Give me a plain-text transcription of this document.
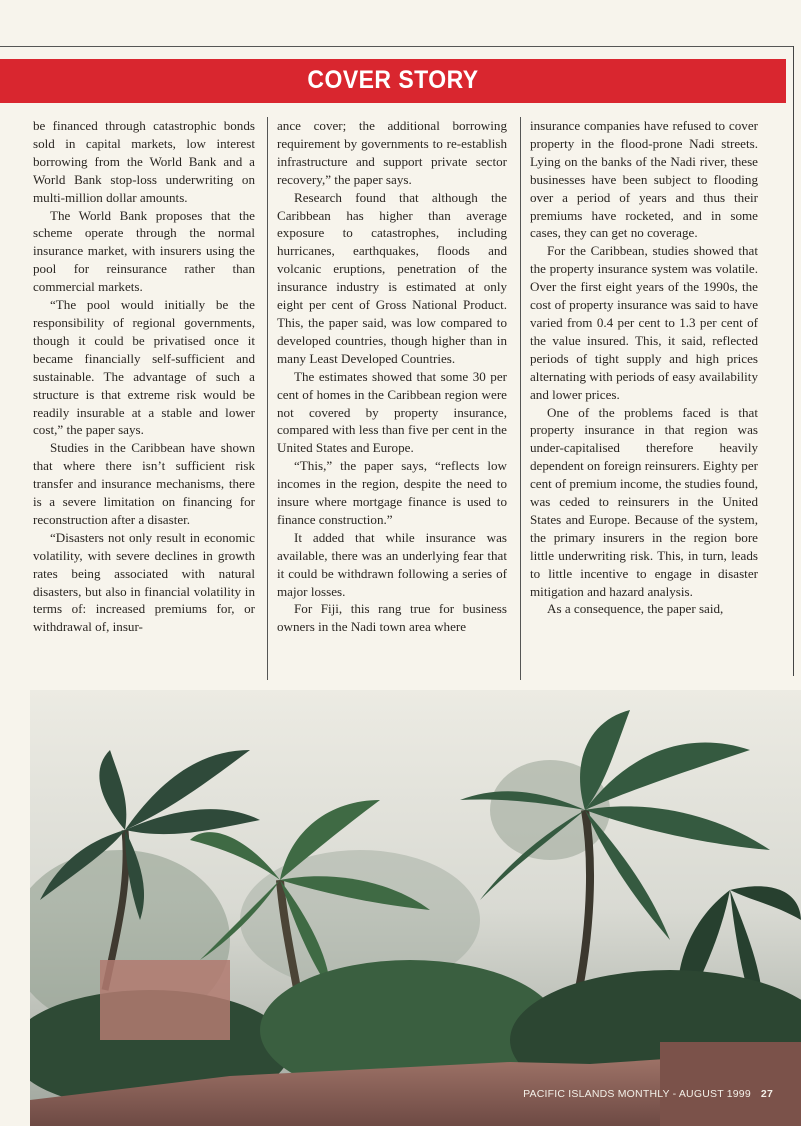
COVER STORY

be financed through catastrophic bonds sold in capital markets, low interest borrowing from the World Bank and a World Bank stop-loss underwriting on multi-million dollar amounts.

The World Bank proposes that the scheme operate through the normal insurance market, with insurers using the pool for reinsurance rather than commercial markets.

“The pool would initially be the responsibility of regional governments, though it could be privatised once it became financially self-sufficient and sustainable. The advantage of such a structure is that extreme risk would be readily insurable at a stable and lower cost,” the paper says.

Studies in the Caribbean have shown that where there isn’t sufficient risk transfer and insurance mechanisms, there is a severe limitation on financing for reconstruction after a disaster.

“Disasters not only result in economic volatility, with severe declines in growth rates being associated with natural disasters, but also in financial volatility in terms of: increased premiums for, or withdrawal of, insur-

ance cover; the additional borrowing requirement by governments to re-establish infrastructure and support private sector recovery,” the paper says.

Research found that although the Caribbean has higher than average exposure to catastrophes, including hurricanes, earthquakes, floods and volcanic eruptions, penetration of the insurance industry is estimated at only eight per cent of Gross National Product. This, the paper said, was low compared to developed countries, though higher than in many Least Developed Countries.

The estimates showed that some 30 per cent of homes in the Caribbean region were not covered by property insurance, compared with less than five per cent in the United States and Europe.

“This,” the paper says, “reflects low incomes in the region, despite the need to insure where mortgage finance is used to finance construction.”

It added that while insurance was available, there was an underlying fear that it could be withdrawn following a series of major losses.

For Fiji, this rang true for business owners in the Nadi town area where

insurance companies have refused to cover property in the flood-prone Nadi streets. Lying on the banks of the Nadi river, these businesses have been subject to flooding over a period of years and thus their premiums have rocketed, and in some cases, they can get no coverage.

For the Caribbean, studies showed that the property insurance system was volatile. Over the first eight years of the 1990s, the cost of property insurance was said to have varied from 0.4 per cent to 1.3 per cent of the value insured. This, it said, reflected periods of tight supply and high prices alternating with periods of easy availability and lower prices.

One of the problems faced is that property insurance in that region was under-capitalised therefore heavily dependent on foreign reinsurers. Eighty per cent of premium income, the studies found, was ceded to reinsurers in the United States and Europe. Because of the system, the primary insurers in the region bore little underwriting risk. This, in turn, leads to little incentive to engage in disaster mitigation and hazard analysis.

As a consequence, the paper said,

PACIFIC ISLANDS MONTHLY - AUGUST 1999 27
